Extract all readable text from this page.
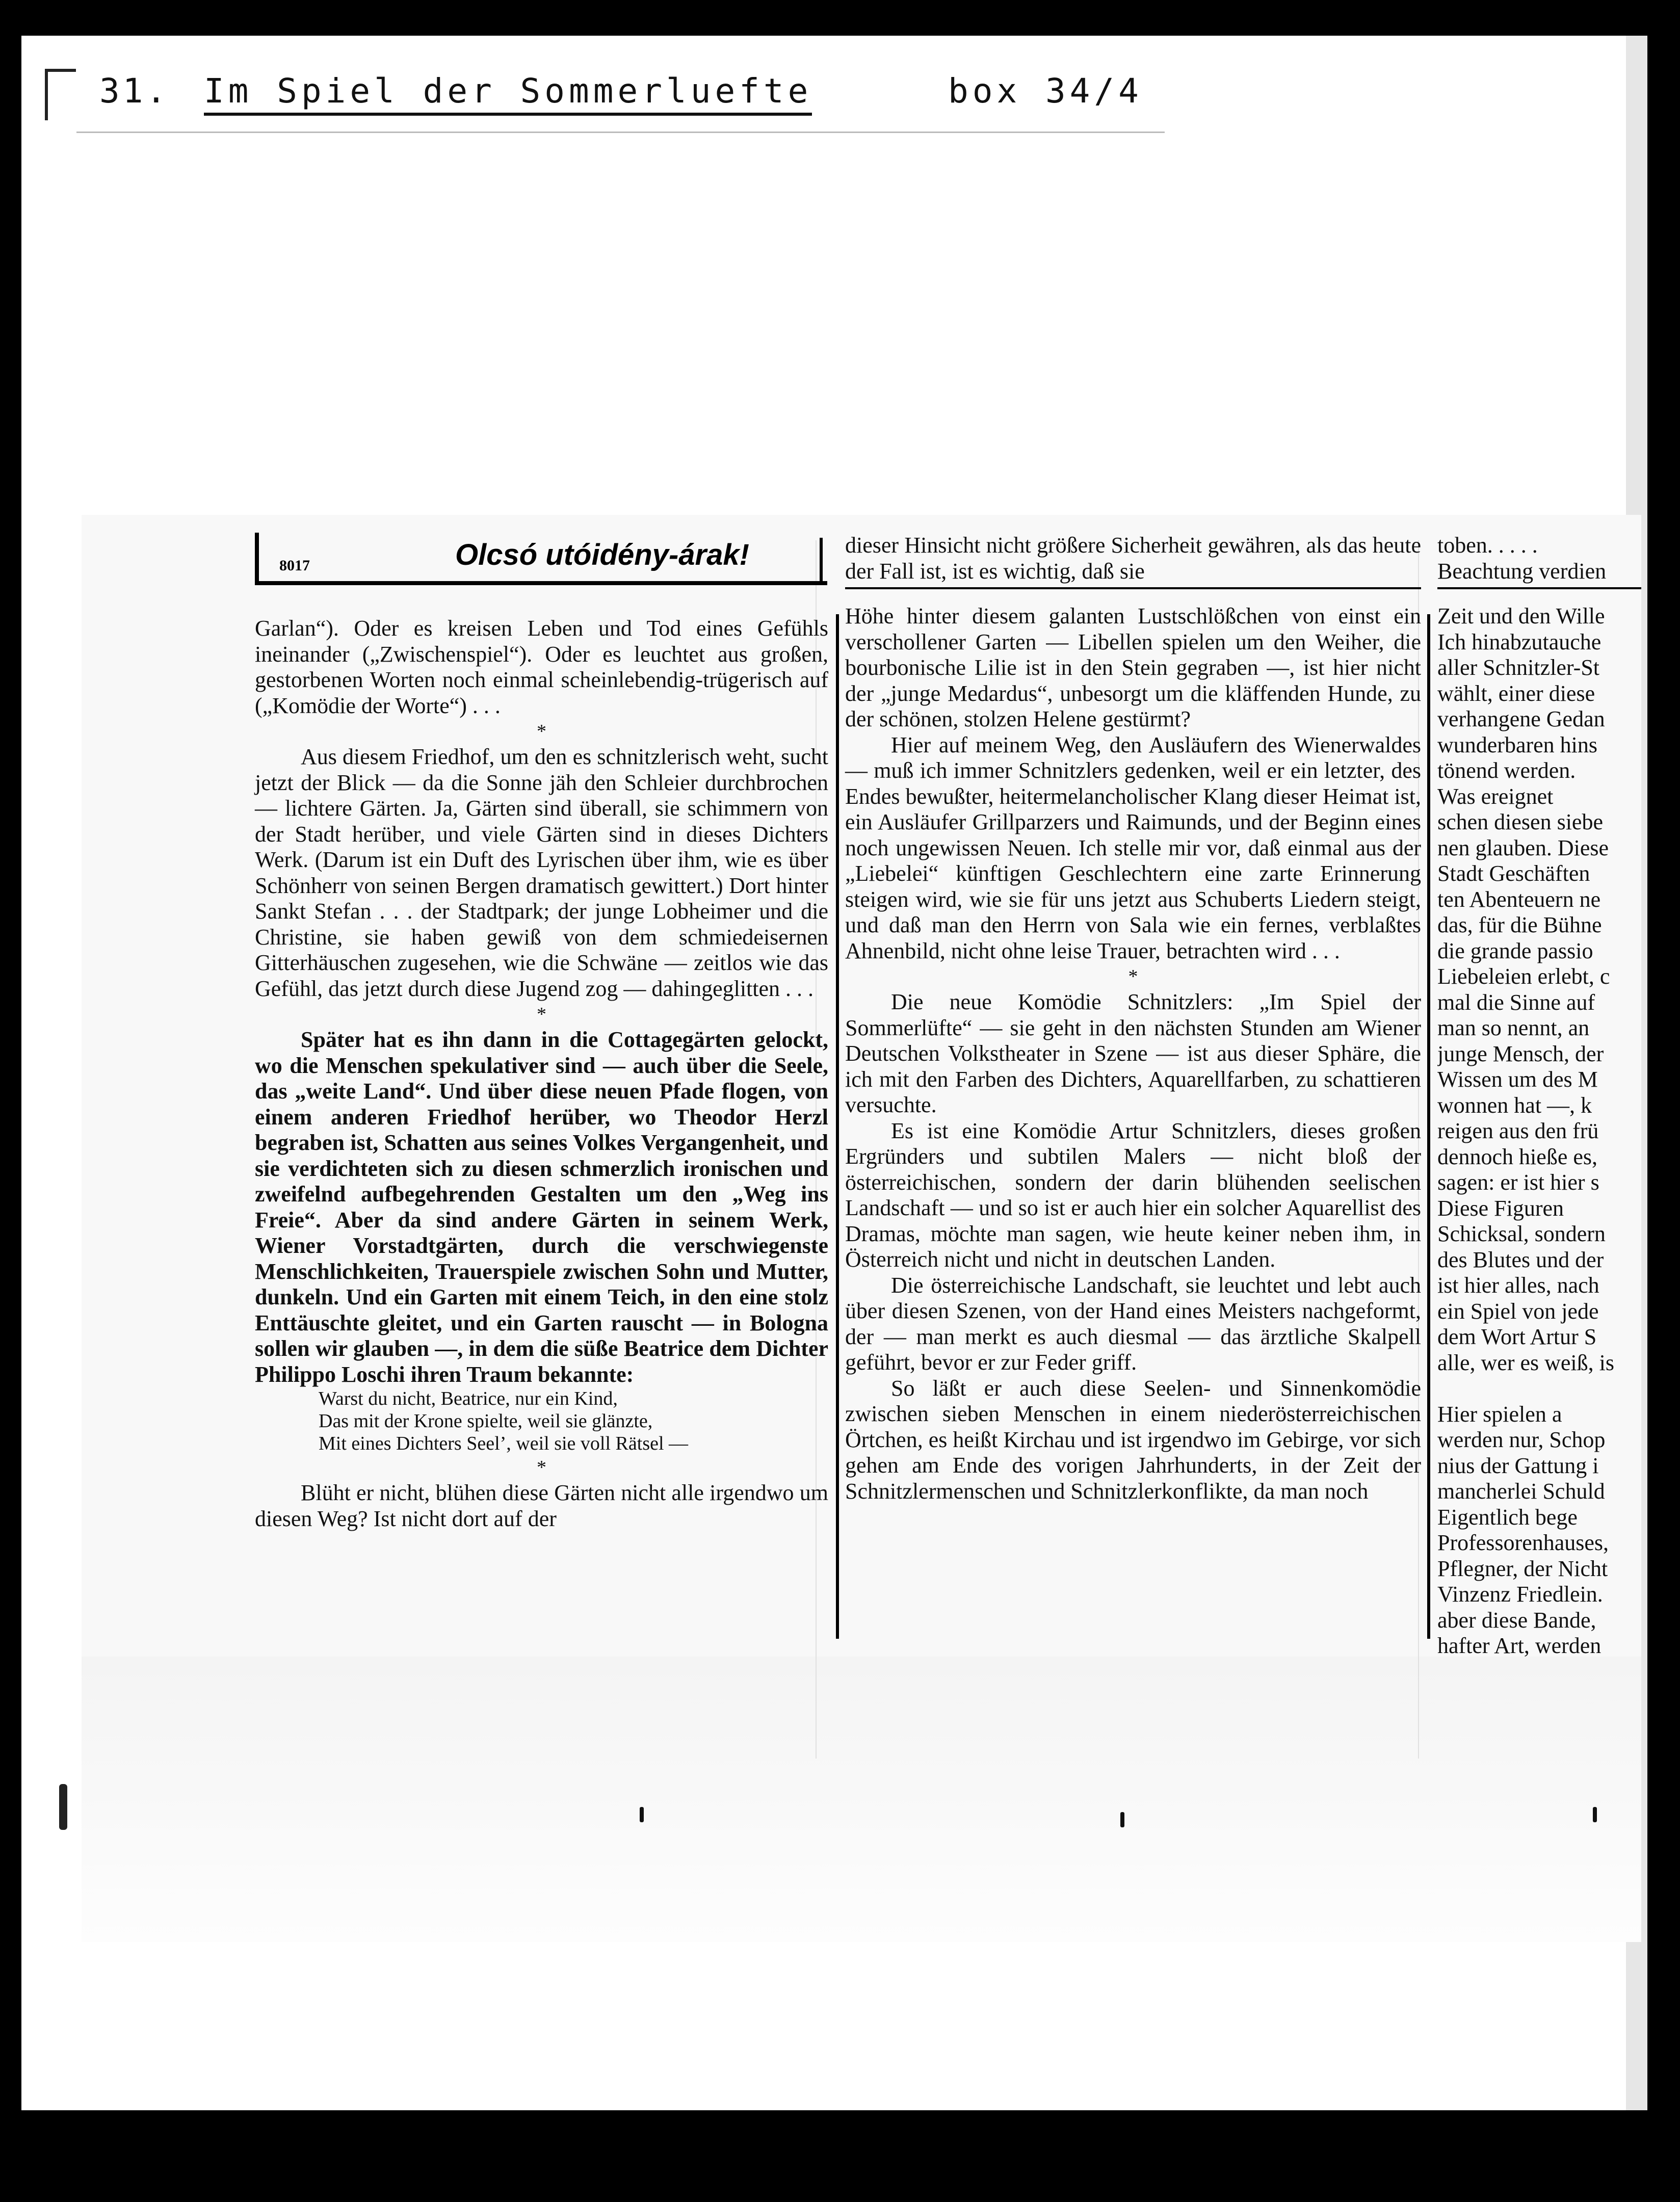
31. Im Spiel der Sommerluefte	box 34/4
8017	Olcsó utóidény-árak!

Garlan“). Oder es kreisen Leben und Tod eines Gefühls ineinander („Zwischenspiel“). Oder es leuchtet aus großen, gestorbenen Worten noch einmal scheinlebendig-trügerisch auf („Komödie der Worte“) . . .

*

Aus diesem Friedhof, um den es schnitzlerisch weht, sucht jetzt der Blick — da die Sonne jäh den Schleier durchbrochen — lichtere Gärten. Ja, Gärten sind überall, sie schimmern von der Stadt herüber, und viele Gärten sind in dieses Dichters Werk. (Darum ist ein Duft des Lyrischen über ihm, wie es über Schönherr von seinen Bergen dramatisch gewittert.) Dort hinter Sankt Stefan . . . der Stadtpark; der junge Lobheimer und die Christine, sie haben gewiß von dem schmiedeisernen Gitterhäuschen zugesehen, wie die Schwäne — zeitlos wie das Gefühl, das jetzt durch diese Jugend zog — dahingeglitten . . .

*

Später hat es ihn dann in die Cottagegärten gelockt, wo die Menschen spekulativer sind — auch über die Seele, das „weite Land“. Und über diese neuen Pfade flogen, von einem anderen Friedhof herüber, wo Theodor Herzl begraben ist, Schatten aus seines Volkes Vergangenheit, und sie verdichteten sich zu diesen schmerzlich ironischen und zweifelnd aufbegehrenden Gestalten um den „Weg ins Freie“. Aber da sind andere Gärten in seinem Werk, Wiener Vorstadtgärten, durch die verschwiegenste Menschlichkeiten, Trauerspiele zwischen Sohn und Mutter, dunkeln. Und ein Garten mit einem Teich, in den eine stolz Enttäuschte gleitet, und ein Garten rauscht — in Bologna sollen wir glauben —, in dem die süße Beatrice dem Dichter Philippo Loschi ihren Traum bekannte:

Warst du nicht, Beatrice, nur ein Kind,

Das mit der Krone spielte, weil sie glänzte,

Mit eines Dichters Seel’, weil sie voll Rätsel —

*

Blüht er nicht, blühen diese Gärten nicht alle irgendwo um diesen Weg? Ist nicht dort auf der

dieser Hinsicht nicht größere Sicherheit gewähren, als das heute der Fall ist, ist es wichtig, daß sie

Höhe hinter diesem galanten Lustschlößchen von einst ein verschollener Garten — Libellen spielen um den Weiher, die bourbonische Lilie ist in den Stein gegraben —, ist hier nicht der „junge Medardus“, unbesorgt um die kläffenden Hunde, zu der schönen, stolzen Helene gestürmt?

Hier auf meinem Weg, den Ausläufern des Wienerwaldes — muß ich immer Schnitzlers gedenken, weil er ein letzter, des Endes bewußter, heitermelancholischer Klang dieser Heimat ist, ein Ausläufer Grillparzers und Raimunds, und der Beginn eines noch ungewissen Neuen. Ich stelle mir vor, daß einmal aus der „Liebelei“ künftigen Geschlechtern eine zarte Erinnerung steigen wird, wie sie für uns jetzt aus Schuberts Liedern steigt, und daß man den Herrn von Sala wie ein fernes, verblaßtes Ahnenbild, nicht ohne leise Trauer, betrachten wird . . .

*

Die neue Komödie Schnitzlers: „Im Spiel der Sommerlüfte“ — sie geht in den nächsten Stunden am Wiener Deutschen Volkstheater in Szene — ist aus dieser Sphäre, die ich mit den Farben des Dichters, Aquarellfarben, zu schattieren versuchte.

Es ist eine Komödie Artur Schnitzlers, dieses großen Ergründers und subtilen Malers — nicht bloß der österreichischen, sondern der darin blühenden seelischen Landschaft — und so ist er auch hier ein solcher Aquarellist des Dramas, möchte man sagen, wie heute keiner neben ihm, in Österreich nicht und nicht in deutschen Landen.

Die österreichische Landschaft, sie leuchtet und lebt auch über diesen Szenen, von der Hand eines Meisters nachgeformt, der — man merkt es auch diesmal — das ärztliche Skalpell geführt, bevor er zur Feder griff.

So läßt er auch diese Seelen- und Sinnenkomödie zwischen sieben Menschen in einem niederösterreichischen Örtchen, es heißt Kirchau und ist irgendwo im Gebirge, vor sich gehen am Ende des vorigen Jahrhunderts, in der Zeit der Schnitzlermenschen und Schnitzlerkonflikte, da man noch

toben. . . . .

Beachtung verdien

Zeit und den Wille

Ich hinabzutauche

aller Schnitzler-St

wählt, einer diese

verhangene Gedan

wunderbaren hins

tönend werden.

Was ereignet

schen diesen siebe

nen glauben. Diese

Stadt Geschäften

ten Abenteuern ne

das, für die Bühne

die grande passio

Liebeleien erlebt, c

mal die Sinne auf

man so nennt, an

junge Mensch, der

Wissen um des M

wonnen hat —, k

reigen aus den frü

dennoch hieße es,

sagen: er ist hier s

Diese Figuren

Schicksal, sondern

des Blutes und der

ist hier alles, nach

ein Spiel von jede

dem Wort Artur S

alle, wer es weiß, is

Hier spielen a

werden nur, Schop

nius der Gattung i

mancherlei Schuld

Eigentlich bege

Professorenhauses,

Pflegner, der Nicht

Vinzenz Friedlein.

aber diese Bande,

hafter Art, werden
